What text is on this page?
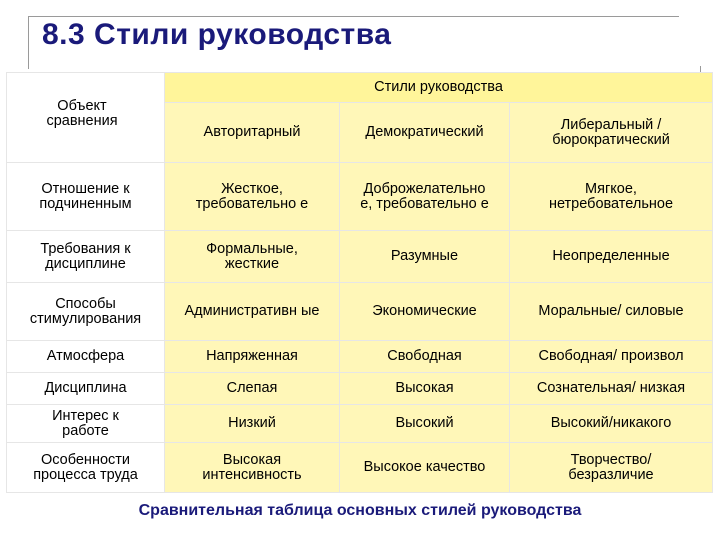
8.3 Стили руководства
Объект сравнения	Стили руководства		
	Авторитарный	Демократический	Либеральный / бюрократический

Отношение к подчиненным	Жесткое, требовательно е	Доброжелательно е, требовательно е	Мягкое, нетребовательное

Требования к дисциплине	Формальные, жесткие	Разумные	Неопределенные

Способы стимулирования	Административн ые	Экономические	Моральные/ силовые
Атмосфера	Напряженная	Свободная	Свободная/ произвол
Дисциплина	Слепая	Высокая	Сознательная/ низкая

Интерес к работе	Низкий	Высокий	Высокий/никакого

Особенности процесса труда	Высокая интенсивность	Высокое качество	Творчество/ безразличие
Сравнительная таблица основных стилей руководства
